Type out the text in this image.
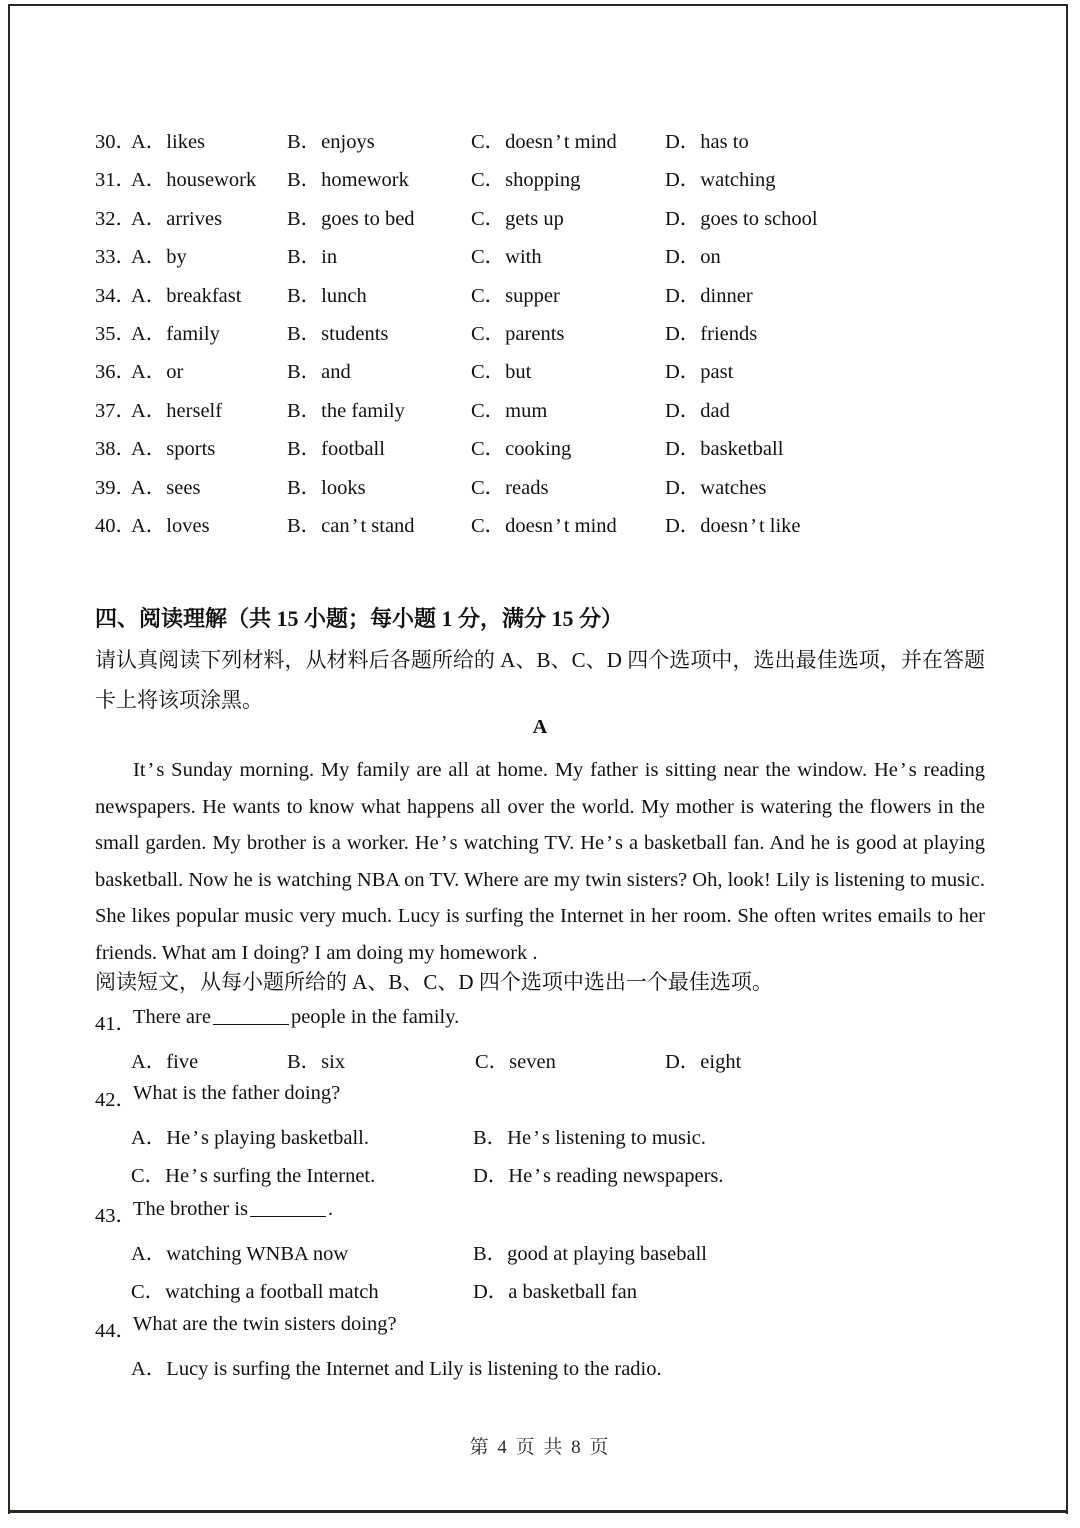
30．
A．likes	B．enjoys	C．doesn’t mind D．has to
31．
A．housework B．homework	C．shopping	D．watching
32．
A．arrives	B．goes to bed	C．gets up	D．goes to school
33．
A．by	B．in	C．with	D．on
34．
A．breakfast B．lunch	C．supper	D．dinner
35．
A．family	B．students	C．parents	D．friends
36．
A．or	B．and	C．but	D．past
37．
A．herself	B．the family	C．mum	D．dad
38．
A．sports	B．football	C．cooking	D．basketball
39．
A．sees	B．looks	C．reads	D．watches
40．
A．loves	B．can’t stand	C．doesn’t mind D．doesn’t like
四、阅读理解（共 15 小题；每小题 1 分，满分 15 分）
请认真阅读下列材料，从材料后各题所给的 A、B、C、D 四个选项中，选出最佳选项，并在答题卡上将该项涂黑。
A
It’s Sunday morning. My family are all at home. My father is sitting near the window. He’s reading newspapers. He wants to know what happens all over the world. My mother is watering the flowers in the small garden. My brother is a worker. He’s watching TV. He’s a basketball fan. And he is good at playing basketball. Now he is watching NBA on TV. Where are my twin sisters? Oh, look! Lily is listening to music. She likes popular music very much. Lucy is surfing the Internet in her room. She often writes emails to her friends. What am I doing? I am doing my homework .
阅读短文，从每小题所给的 A、B、C、D 四个选项中选出一个最佳选项。
41．
There are	people in the family.
A．five	B．six	C．seven	D．eight
42．
What is the father doing?
A．He’s playing basketball.	B．He’s listening to music.
C．He’s surfing the Internet.	D．He’s reading newspapers.
43．
The brother is	.
A．watching WNBA now	B．good at playing baseball
C．watching a football match	D．a basketball fan
44．
What are the twin sisters doing?
A．Lucy is surfing the Internet and Lily is listening to the radio.
第 4 页 共 8 页
